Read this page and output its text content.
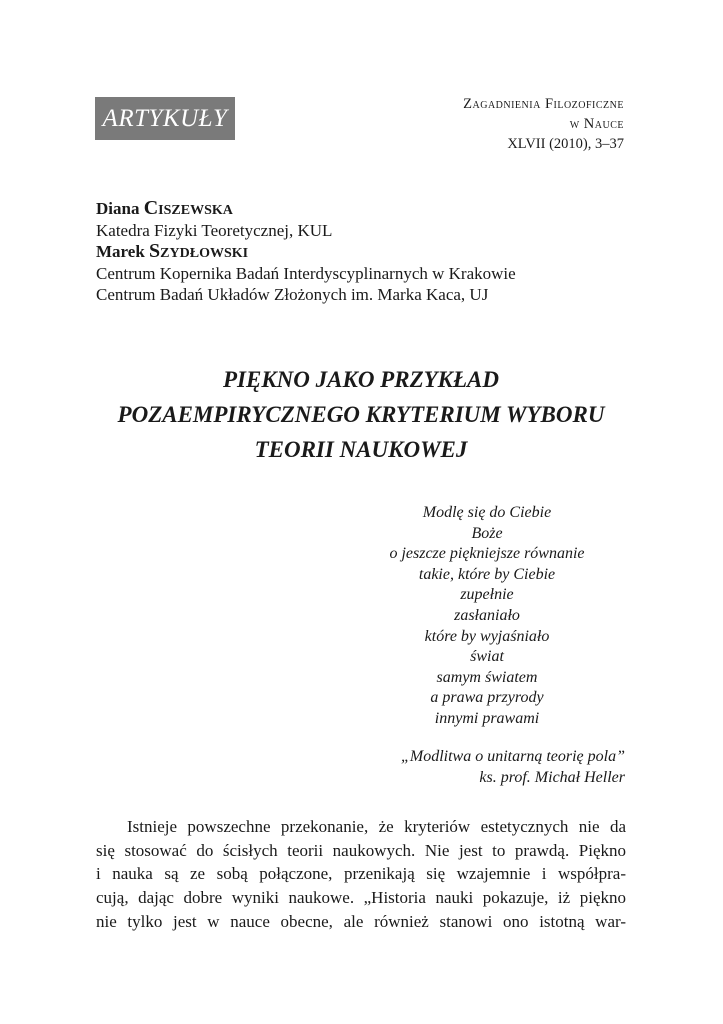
ARTYKUŁY
Zagadnienia Filozoficzne
w Nauce
XLVII (2010), 3–37
Diana Ciszewska
Katedra Fizyki Teoretycznej, KUL
Marek Szydłowski
Centrum Kopernika Badań Interdyscyplinarnych w Krakowie
Centrum Badań Układów Złożonych im. Marka Kaca, UJ
PIĘKNO JAKO PRZYKŁAD
POZAEMPIRYCZNEGO KRYTERIUM WYBORU
TEORII NAUKOWEJ
Modlę się do Ciebie
Boże
o jeszcze piękniejsze równanie
takie, które by Ciebie
zupełnie
zasłaniało
które by wyjaśniało
świat
samym światem
a prawa przyrody
innymi prawami
„Modlitwa o unitarną teorię pola”
ks. prof. Michał Heller
Istnieje powszechne przekonanie, że kryteriów estetycznych nie da
się stosować do ścisłych teorii naukowych. Nie jest to prawdą. Piękno
i nauka są ze sobą połączone, przenikają się wzajemnie i współpra-
cują, dając dobre wyniki naukowe. „Historia nauki pokazuje, iż piękno
nie tylko jest w nauce obecne, ale również stanowi ono istotną war-
